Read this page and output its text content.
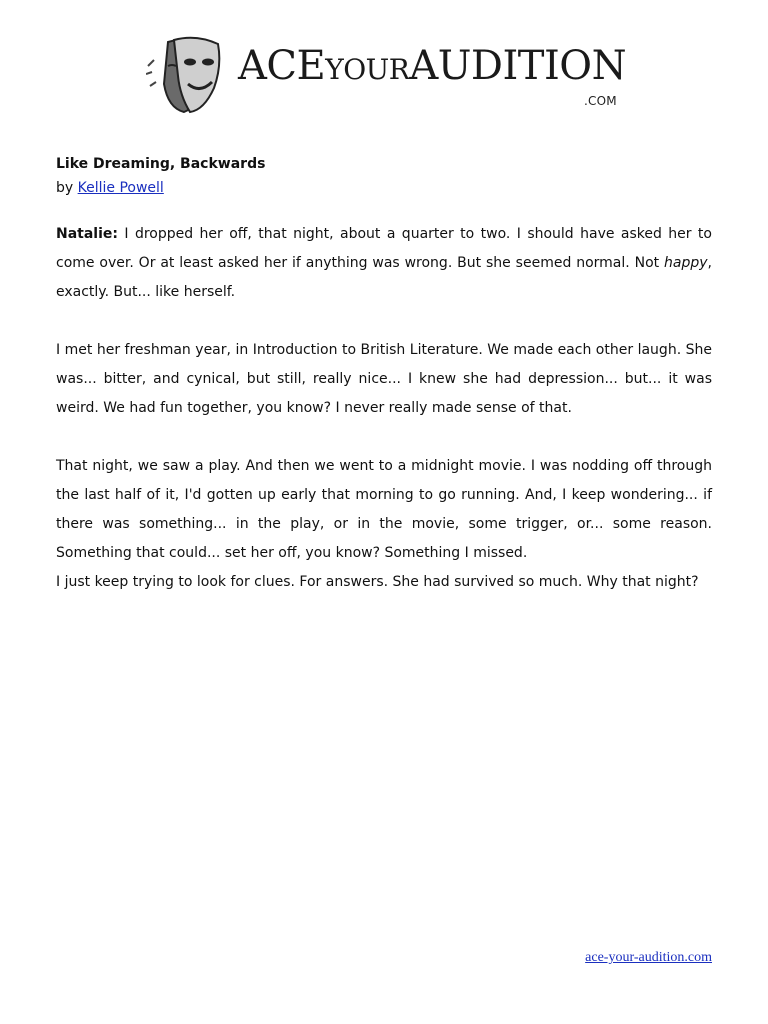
ACEYOURAUDITION
.COM
Like Dreaming, Backwards
by Kellie Powell

Natalie: I dropped her off, that night, about a quarter to two. I should have asked her to come over. Or at least asked her if anything was wrong. But she seemed normal. Not happy, exactly. But... like herself.

I met her freshman year, in Introduction to British Literature. We made each other laugh. She was... bitter, and cynical, but still, really nice... I knew she had depression... but... it was weird. We had fun together, you know? I never really made sense of that.

That night, we saw a play. And then we went to a midnight movie. I was nodding off through the last half of it, I'd gotten up early that morning to go running. And, I keep wondering... if there was something... in the play, or in the movie, some trigger, or... some reason. Something that could... set her off, you know? Something I missed.

I just keep trying to look for clues. For answers. She had survived so much. Why that night?

ace-your-audition.com
